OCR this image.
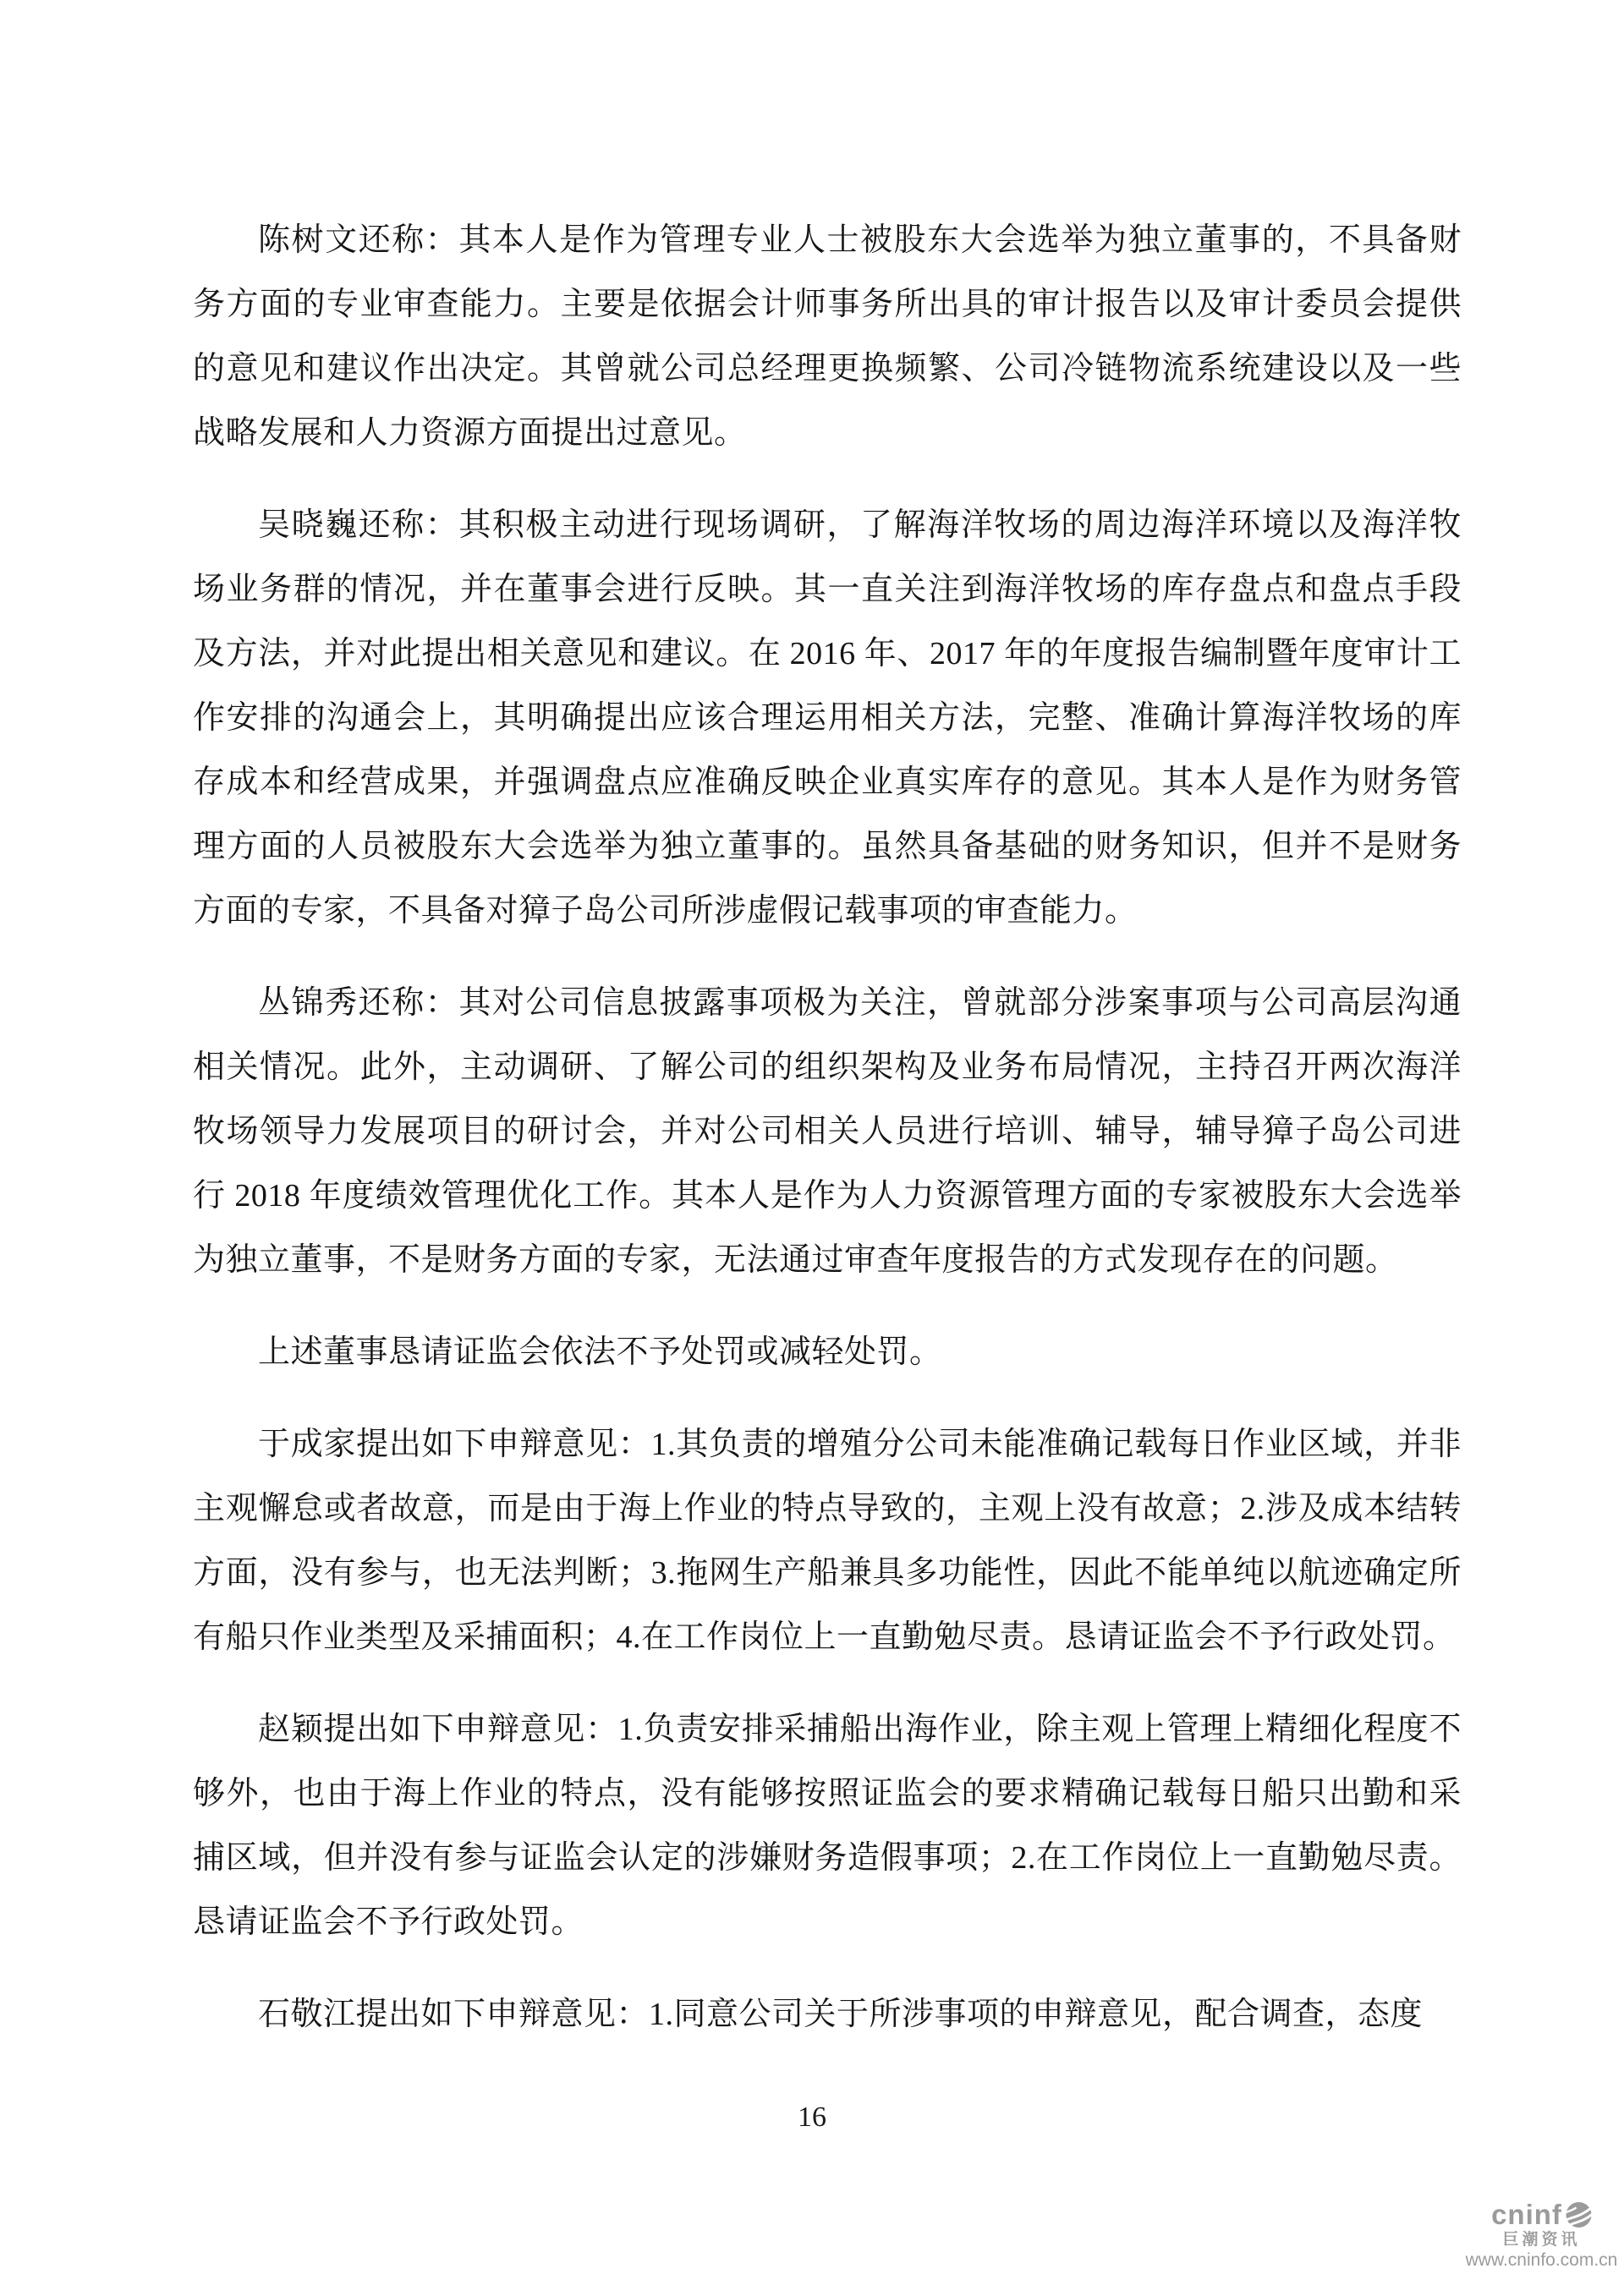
陈树文还称：其本人是作为管理专业人士被股东大会选举为独立董事的，不具备财务方面的专业审查能力。主要是依据会计师事务所出具的审计报告以及审计委员会提供的意见和建议作出决定。其曾就公司总经理更换频繁、公司冷链物流系统建设以及一些战略发展和人力资源方面提出过意见。

吴晓巍还称：其积极主动进行现场调研，了解海洋牧场的周边海洋环境以及海洋牧场业务群的情况，并在董事会进行反映。其一直关注到海洋牧场的库存盘点和盘点手段及方法，并对此提出相关意见和建议。在 2016 年、2017 年的年度报告编制暨年度审计工作安排的沟通会上，其明确提出应该合理运用相关方法，完整、准确计算海洋牧场的库存成本和经营成果，并强调盘点应准确反映企业真实库存的意见。其本人是作为财务管理方面的人员被股东大会选举为独立董事的。虽然具备基础的财务知识，但并不是财务方面的专家，不具备对獐子岛公司所涉虚假记载事项的审查能力。

丛锦秀还称：其对公司信息披露事项极为关注，曾就部分涉案事项与公司高层沟通相关情况。此外，主动调研、了解公司的组织架构及业务布局情况，主持召开两次海洋牧场领导力发展项目的研讨会，并对公司相关人员进行培训、辅导，辅导獐子岛公司进行 2018 年度绩效管理优化工作。其本人是作为人力资源管理方面的专家被股东大会选举为独立董事，不是财务方面的专家，无法通过审查年度报告的方式发现存在的问题。

上述董事恳请证监会依法不予处罚或减轻处罚。

于成家提出如下申辩意见：1.其负责的增殖分公司未能准确记载每日作业区域，并非主观懈怠或者故意，而是由于海上作业的特点导致的，主观上没有故意；2.涉及成本结转方面，没有参与，也无法判断；3.拖网生产船兼具多功能性，因此不能单纯以航迹确定所有船只作业类型及采捕面积；4.在工作岗位上一直勤勉尽责。恳请证监会不予行政处罚。

赵颖提出如下申辩意见：1.负责安排采捕船出海作业，除主观上管理上精细化程度不够外，也由于海上作业的特点，没有能够按照证监会的要求精确记载每日船只出勤和采捕区域，但并没有参与证监会认定的涉嫌财务造假事项；2.在工作岗位上一直勤勉尽责。恳请证监会不予行政处罚。

石敬江提出如下申辩意见：1.同意公司关于所涉事项的申辩意见，配合调查，态度

16
cninf
巨潮资讯
www.cninfo.com.cn
